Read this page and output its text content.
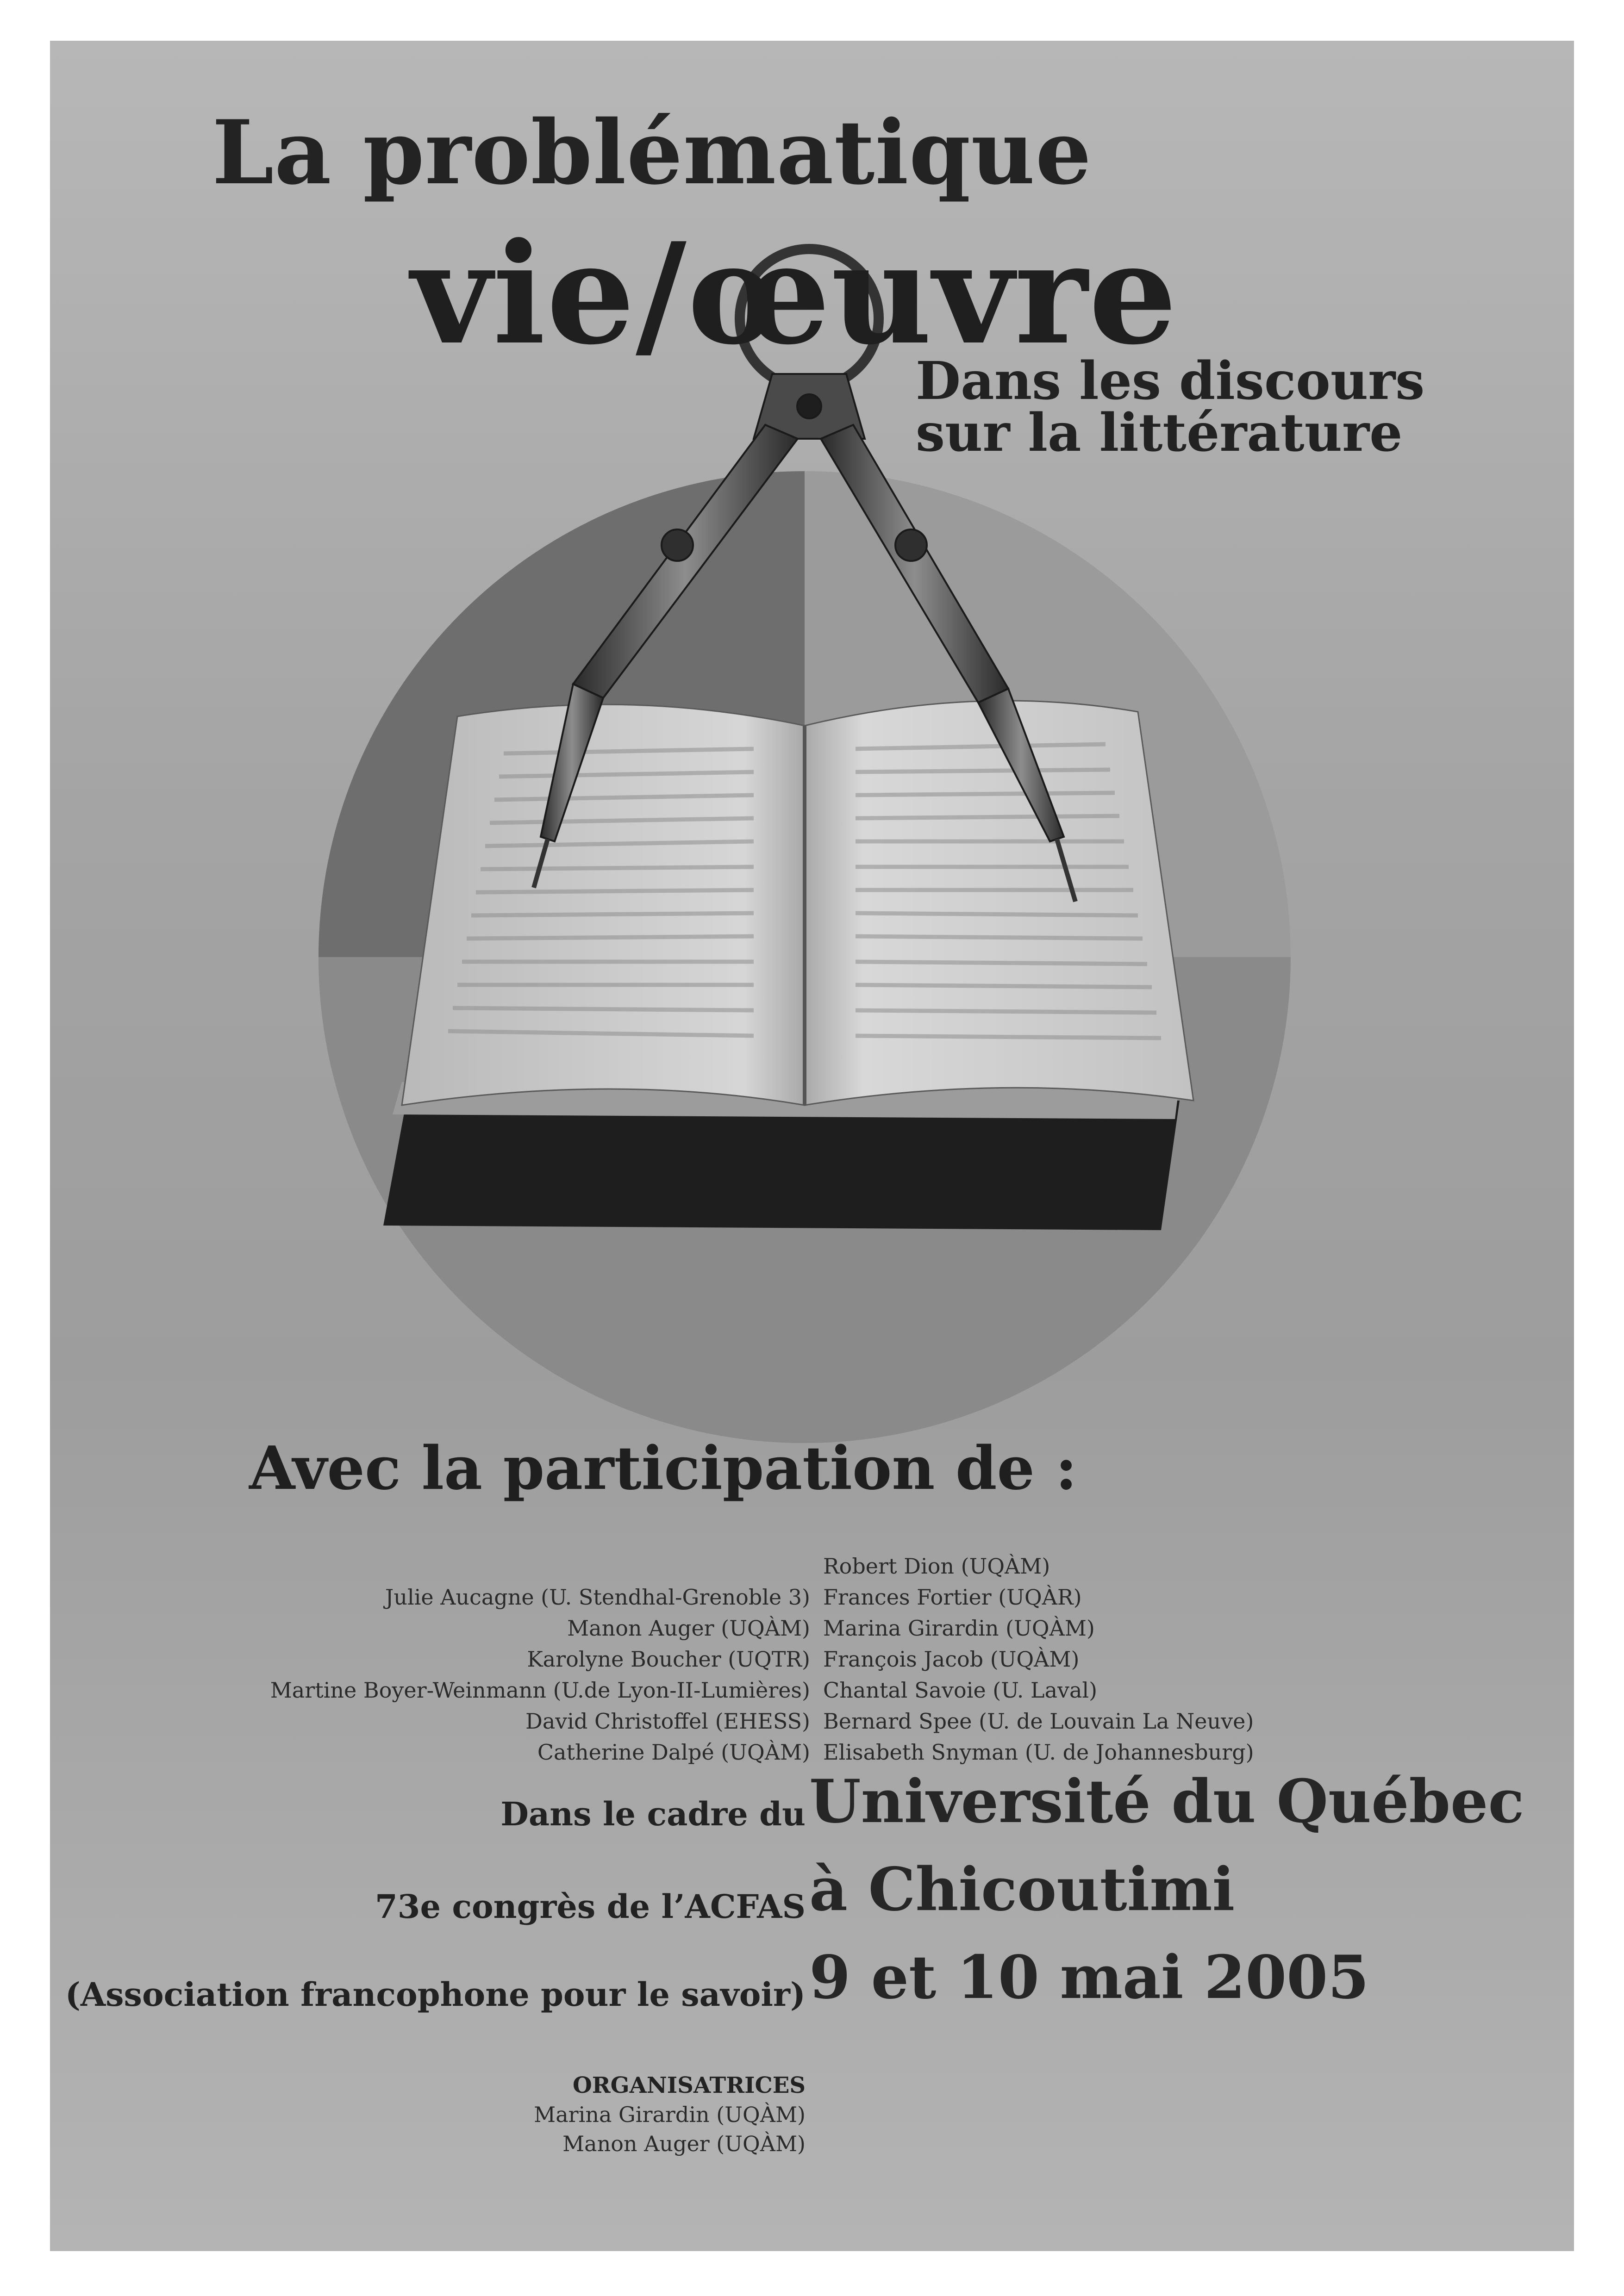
La problématique
vie/œuvre
Dans les discours sur la littérature
Avec la participation de :
Julie Aucagne (U. Stendhal-Grenoble 3)
Manon Auger (UQÀM)
Karolyne Boucher (UQTR)
Martine Boyer-Weinmann (U.de Lyon-II-Lumières)
David Christoffel (EHESS)
Catherine Dalpé (UQÀM)
Robert Dion (UQÀM)
Frances Fortier (UQÀR)
Marina Girardin (UQÀM)
François Jacob (UQÀM)
Chantal Savoie (U. Laval)
Bernard Spee (U. de Louvain La Neuve)
Elisabeth Snyman (U. de Johannesburg)
Dans le cadre du
73e congrès de l’ACFAS
(Association francophone pour le savoir)
Université du Québec
à Chicoutimi
9 et 10 mai 2005
ORGANISATRICES
Marina Girardin (UQÀM)
Manon Auger (UQÀM)
